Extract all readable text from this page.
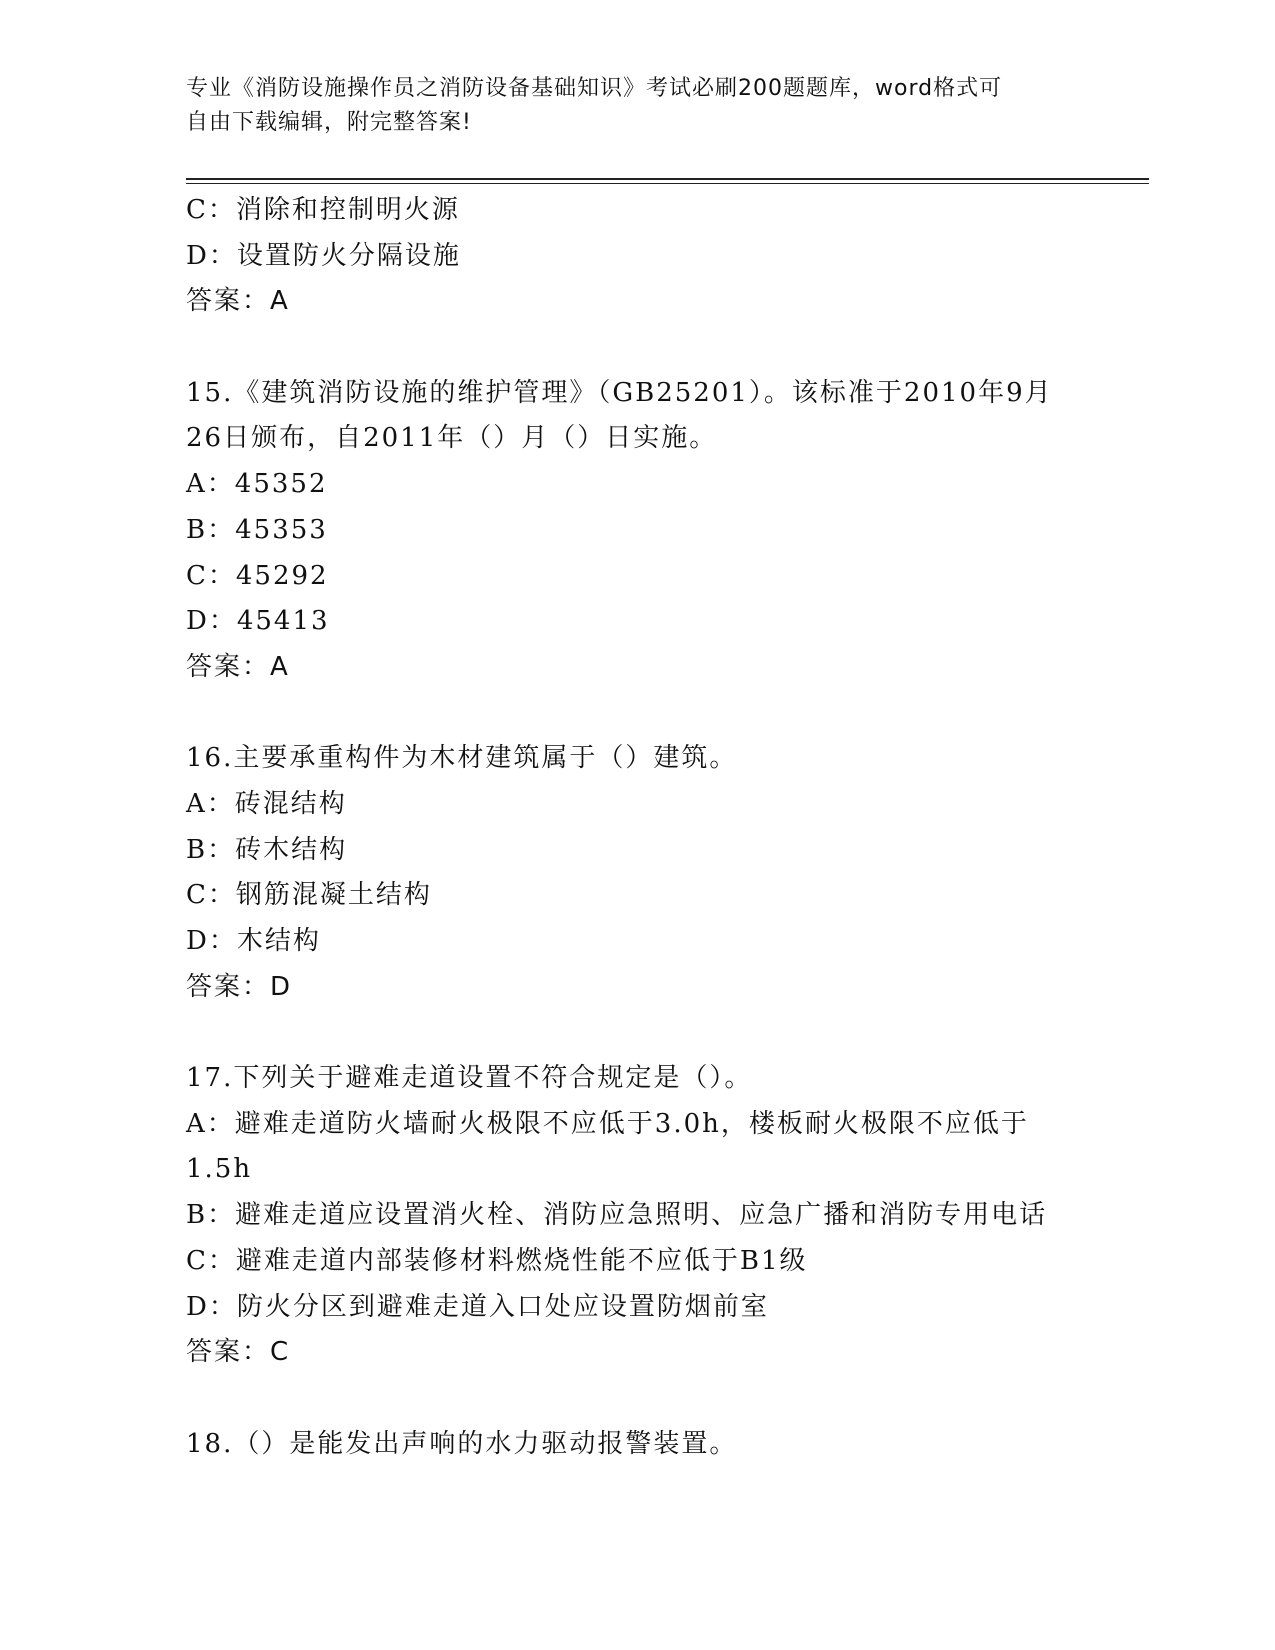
专业《消防设施操作员之消防设备基础知识》考试必刷200题题库，word格式可
自由下载编辑，附完整答案!
C：消除和控制明火源
D：设置防火分隔设施
答案：A
15.《建筑消防设施的维护管理》（GB25201）。该标准于2010年9月
26日颁布，自2011年（）月（）日实施。
A：45352
B：45353
C：45292
D：45413
答案：A
16.主要承重构件为木材建筑属于（）建筑。
A：砖混结构
B：砖木结构
C：钢筋混凝土结构
D：木结构
答案：D
17.下列关于避难走道设置不符合规定是（）。
A：避难走道防火墙耐火极限不应低于3.0h，楼板耐火极限不应低于
1.5h
B：避难走道应设置消火栓、消防应急照明、应急广播和消防专用电话
C：避难走道内部装修材料燃烧性能不应低于B1级
D：防火分区到避难走道入口处应设置防烟前室
答案：C
18.（）是能发出声响的水力驱动报警装置。
